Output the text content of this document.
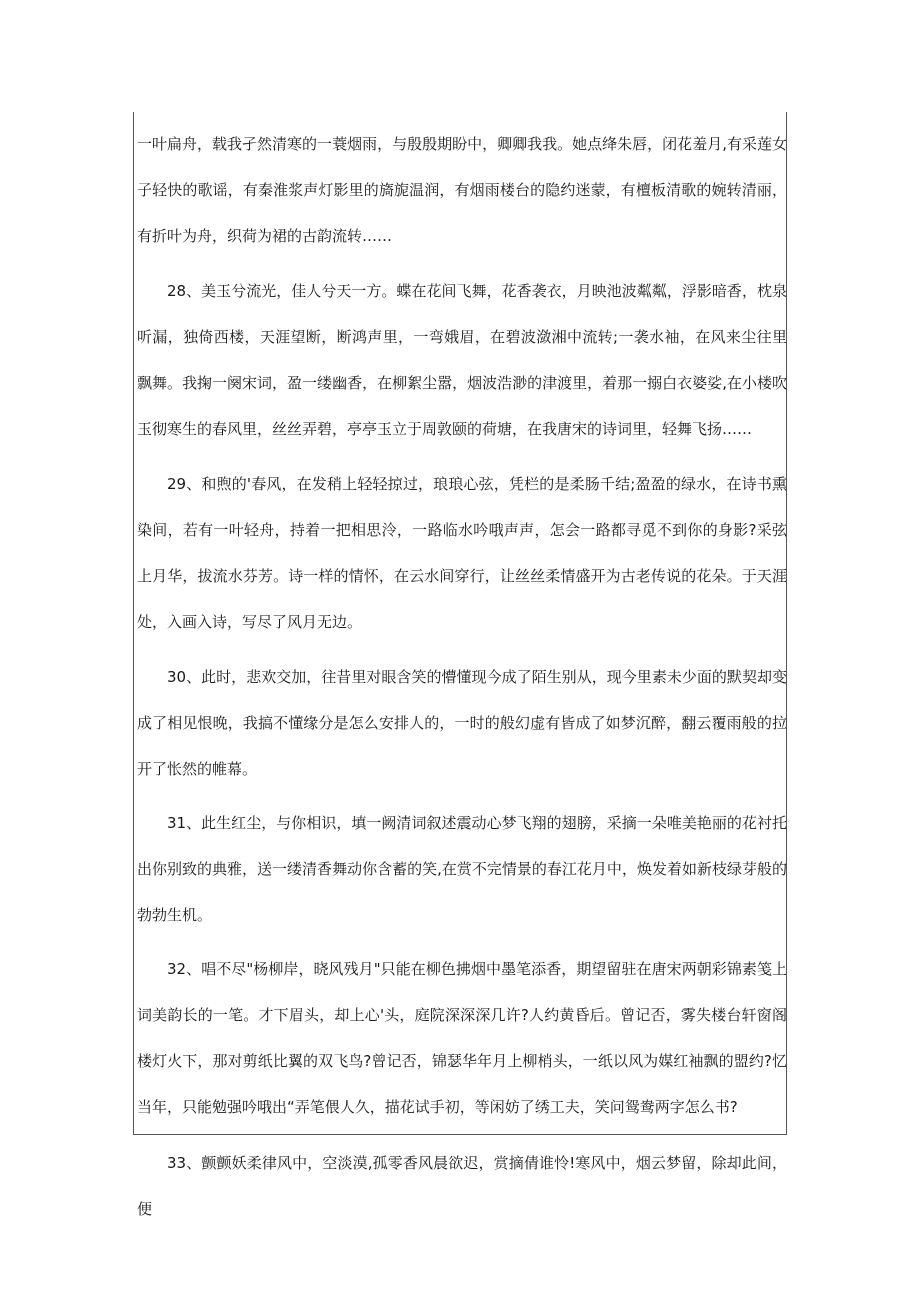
一叶扁舟，载我孑然清寒的一蓑烟雨，与殷殷期盼中，卿卿我我。她点绛朱唇，闭花羞月,有采莲女子轻快的歌谣，有秦淮浆声灯影里的旖旎温润，有烟雨楼台的隐约迷蒙，有檀板清歌的婉转清丽，有折叶为舟，织荷为裙的古韵流转……

28、美玉兮流光，佳人兮天一方。蝶在花间飞舞，花香袭衣，月映池波粼粼，浮影暗香，枕泉听漏，独倚西楼，天涯望断，断鸿声里，一弯娥眉，在碧波潋湘中流转;一袭水袖，在风来尘往里飘舞。我掬一阕宋词，盈一缕幽香，在柳絮尘嚣，烟波浩渺的津渡里，着那一搦白衣婆娑,在小楼吹玉彻寒生的春风里，丝丝弄碧，亭亭玉立于周敦颐的荷塘，在我唐宋的诗词里，轻舞飞扬……

29、和煦的'春风，在发稍上轻轻掠过，琅琅心弦，凭栏的是柔肠千结;盈盈的绿水，在诗书熏染间，若有一叶轻舟，持着一把相思泠，一路临水吟哦声声，怎会一路都寻觅不到你的身影?采弦上月华，拔流水芬芳。诗一样的情怀，在云水间穿行，让丝丝柔情盛开为古老传说的花朵。于天涯处，入画入诗，写尽了风月无边。

30、此时，悲欢交加，往昔里对眼含笑的懵懂现今成了陌生别从，现今里素未少面的默契却变成了相见恨晚，我搞不懂缘分是怎么安排人的，一时的般幻虚有皆成了如梦沉醉，翻云覆雨般的拉开了怅然的帷幕。

31、此生红尘，与你相识，填一阙清词叙述震动心梦飞翔的翅膀，采摘一朵唯美艳丽的花衬托出你别致的典雅，送一缕清香舞动你含蓄的笑,在赏不完情景的春江花月中，焕发着如新枝绿芽般的勃勃生机。

32、唱不尽"杨柳岸，晓风残月"只能在柳色拂烟中墨笔添香，期望留驻在唐宋两朝彩锦素笺上词美韵长的一笔。才下眉头，却上心'头，庭院深深深几许?人约黄昏后。曾记否，雾失楼台轩窗阁楼灯火下，那对剪纸比翼的双飞鸟?曾记否，锦瑟华年月上柳梢头，一纸以风为媒红袖飘的盟约?忆当年，只能勉强吟哦出“弄笔偎人久，描花试手初，等闲妨了绣工夫，笑问鸳鸯两字怎么书?

33、颤颤妖柔律风中，空淡漠,孤零香风晨欲迟，赏摘倩谁怜!寒风中，烟云梦留，除却此间，便
